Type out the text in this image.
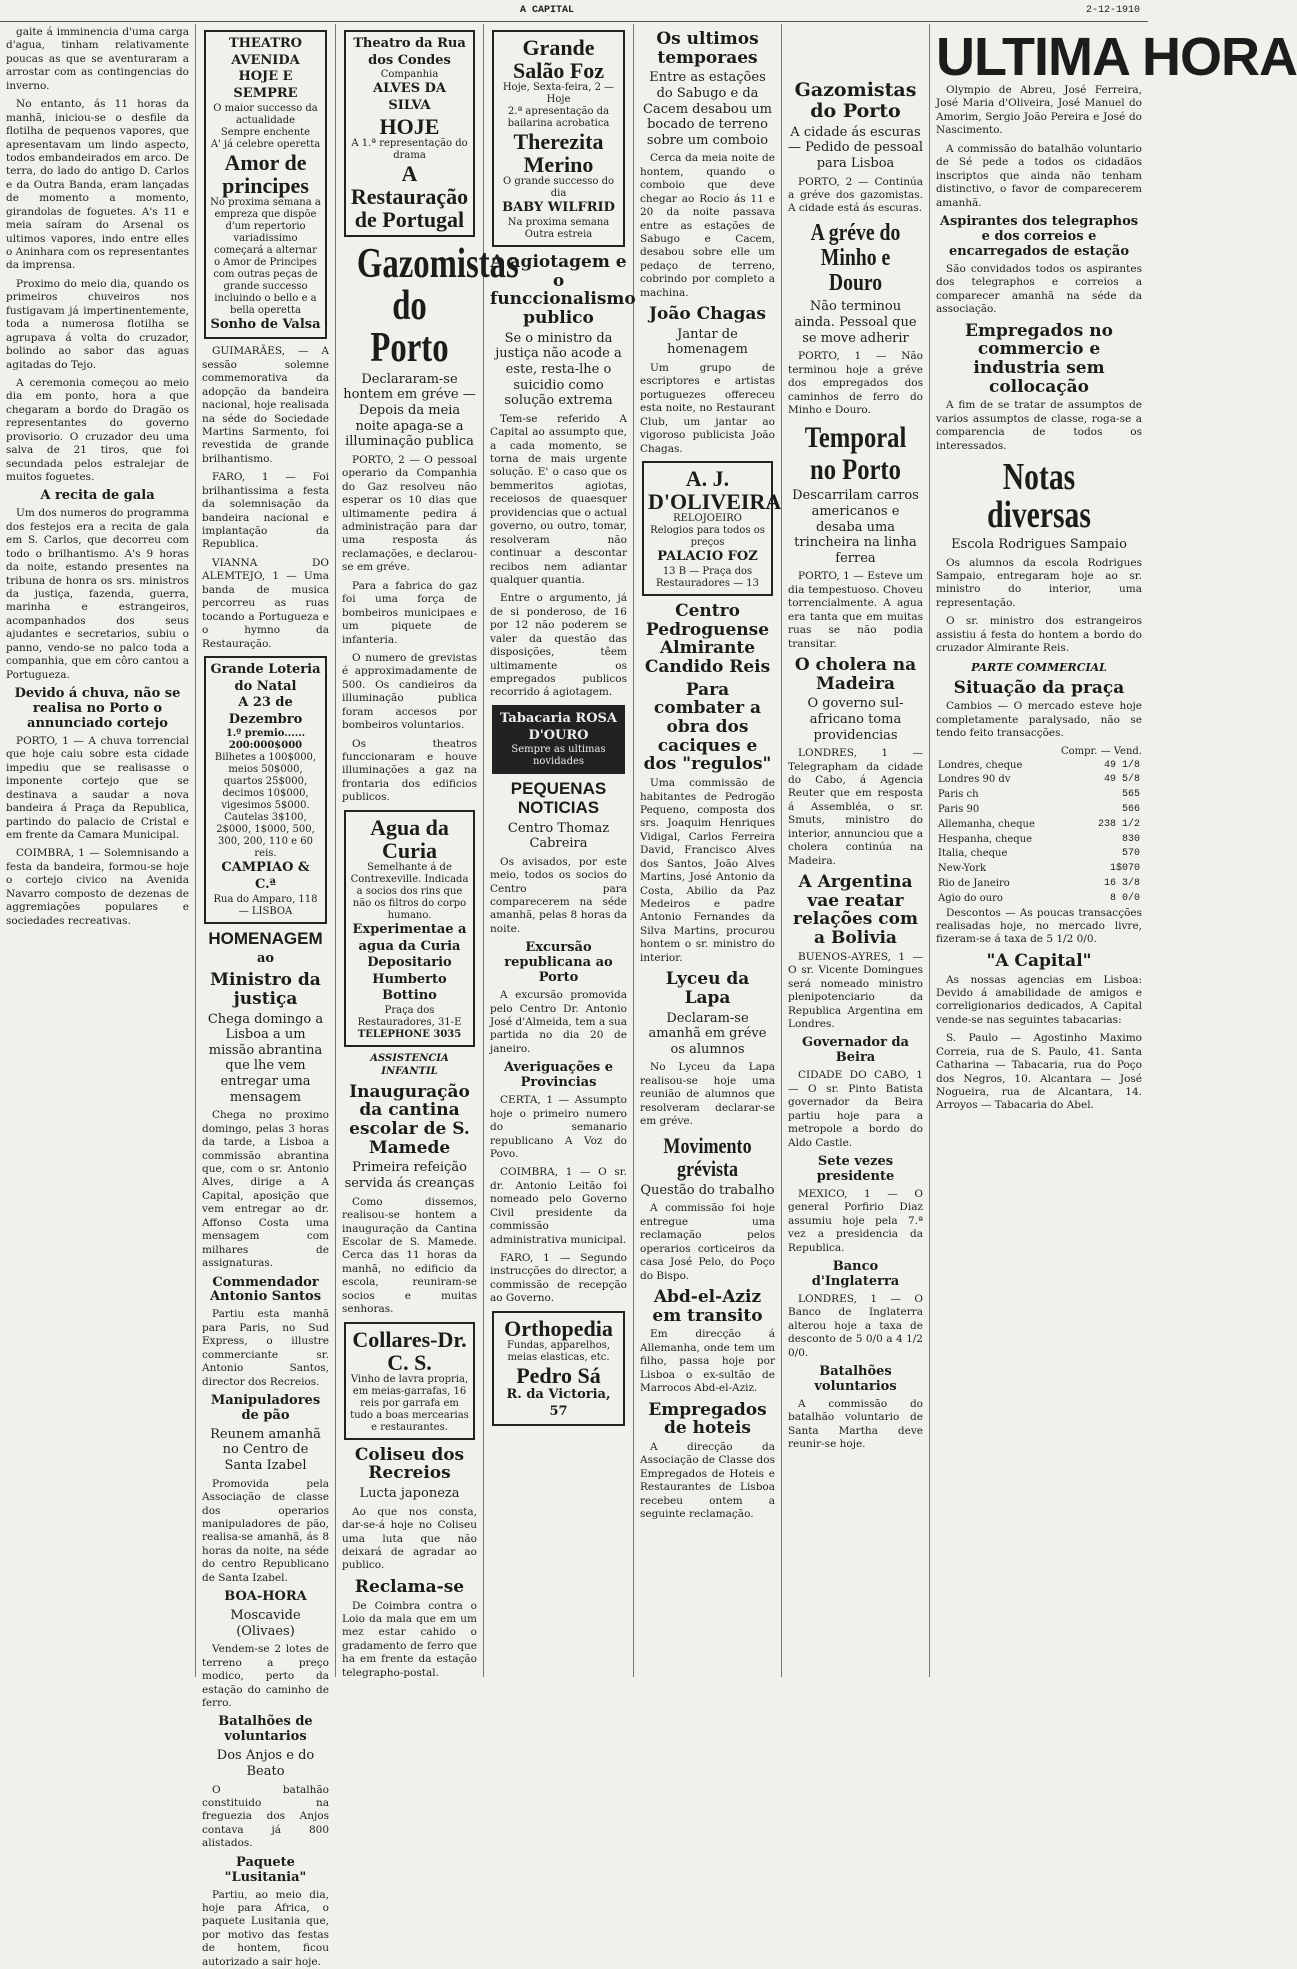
A CAPITAL	2-12-1910

gaite á imminencia d'uma carga d'agua, tinham relativamente poucas as que se aventuraram a arrostar com as contingencias do inverno.

No entanto, ás 11 horas da manhã, iniciou-se o desfile da flotilha de pequenos vapores, que apresentavam um lindo aspecto, todos embandeirados em arco. De terra, do lado do antigo D. Carlos e da Outra Banda, eram lançadas de momento a momento, girandolas de foguetes. A's 11 e meia saíram do Arsenal os ultimos vapores, indo entre elles o Aninhara com os representantes da imprensa.

Proximo do meio dia, quando os primeiros chuveiros nos fustigavam já impertinentemente, toda a numerosa flotilha se agrupava á volta do cruzador, bolindo ao sabor das aguas agitadas do Tejo.

A ceremonia começou ao meio dia em ponto, hora a que chegaram a bordo do Dragão os representantes do governo provisorio. O cruzador deu uma salva de 21 tiros, que foi secundada pelos estralejar de muitos foguetes.

A recita de gala

Um dos numeros do programma dos festejos era a recita de gala em S. Carlos, que decorreu com todo o brilhantismo. A's 9 horas da noite, estando presentes na tribuna de honra os srs. ministros da justiça, fazenda, guerra, marinha e estrangeiros, acompanhados dos seus ajudantes e secretarios, subiu o panno, vendo-se no palco toda a companhia, que em côro cantou a Portugueza.

Devido á chuva, não se realisa no Porto o annunciado cortejo

PORTO, 1 — A chuva torrencial que hoje caiu sobre esta cidade impediu que se realisasse o imponente cortejo que se destinava a saudar a nova bandeira á Praça da Republica, partindo do palacio de Cristal e em frente da Camara Municipal.

COIMBRA, 1 — Solemnisando a festa da bandeira, formou-se hoje o cortejo civico na Avenida Navarro composto de dezenas de aggremiações populares e sociedades recreativas.

THEATRO AVENIDA
HOJE E SEMPRE
O maior successo da actualidade
Sempre enchente
A' já celebre operetta
Amor de principes
No proxima semana a empreza que dispõe d'um repertorio variadissimo começará a alternar o Amor de Principes com outras peças de grande successo incluindo o bello e a bella operetta
Sonho de Valsa

GUIMARÃES, — A sessão solemne commemorativa da adopção da bandeira nacional, hoje realisada na séde do Sociedade Martins Sarmento, foi revestida de grande brilhantismo.

FARO, 1 — Foi brilhantissima a festa da solemnisação da bandeira nacional e implantação da Republica.

VIANNA DO ALEMTEJO, 1 — Uma banda de musica percorreu as ruas tocando a Portugueza e o hymno da Restauração.

Grande Loteria do Natal
A 23 de Dezembro
1.º premio...... 200:000$000
Bilhetes a 100$000, meios 50$000, quartos 25$000, decimos 10$000, vigesimos 5$000. Cautelas 3$100, 2$000, 1$000, 500, 300, 200, 110 e 60 reis.
CAMPIAO & C.ª
Rua do Amparo, 118 — LISBOA
HOMENAGEM
ao
Ministro da justiça
Chega domingo a Lisboa a um missão abrantina que lhe vem entregar uma mensagem

Chega no proximo domingo, pelas 3 horas da tarde, a Lisboa a commissão abrantina que, com o sr. Antonio Alves, dirige a A Capital, aposição que vem entregar ao dr. Affonso Costa uma mensagem com milhares de assignaturas.

Commendador Antonio Santos

Partiu esta manhã para Paris, no Sud Express, o illustre commerciante sr. Antonio Santos, director dos Recreios.

Manipuladores de pão
Reunem amanhã no Centro de Santa Izabel

Promovida pela Associação de classe dos operarios manipuladores de pão, realisa-se amanhã, ás 8 horas da noite, na séde do centro Republicano de Santa Izabel.

BOA-HORA
Moscavide (Olivaes)

Vendem-se 2 lotes de terreno a preço modico, perto da estação do caminho de ferro.

Batalhões de voluntarios
Dos Anjos e do Beato

O batalhão constituido na freguezia dos Anjos contava já 800 alistados.

Paquete "Lusitania"

Partiu, ao meio dia, hoje para Africa, o paquete Lusitania que, por motivo das festas de hontem, ficou autorizado a sair hoje.

Theatro da Rua dos Condes
Companhia
ALVES DA SILVA
HOJE
A 1.ª representação do drama
A Restauração de Portugal
Gazomistas do Porto
Declararam-se hontem em gréve — Depois da meia noite apaga-se a illuminação publica

PORTO, 2 — O pessoal operario da Companhia do Gaz resolveu não esperar os 10 dias que ultimamente pedira á administração para dar uma resposta ás reclamações, e declarou-se em gréve.

Para a fabrica do gaz foi uma força de bombeiros municipaes e um piquete de infanteria.

O numero de grevistas é approximadamente de 500. Os candieiros da illuminação publica foram accesos por bombeiros voluntarios.

Os theatros funccionaram e houve illuminações a gaz na frontaria dos edificios publicos.

Agua da Curia
Semelhante á de Contrexeville. Indicada a socios dos rins que não os filtros do corpo humano.
Experimentae a agua da Curia
Depositario Humberto Bottino
Praça dos Restauradores, 31-E
TELEPHONE 3035
ASSISTENCIA INFANTIL
Inauguração da cantina escolar de S. Mamede
Primeira refeição servida ás creanças

Como dissemos, realisou-se hontem a inauguração da Cantina Escolar de S. Mamede. Cerca das 11 horas da manhã, no edificio da escola, reuniram-se socios e muitas senhoras.

Collares-Dr. C. S.
Vinho de lavra propria, em meias-garrafas, 16 reis por garrafa em tudo a boas mercearias e restaurantes.
Coliseu dos Recreios
Lucta japoneza

Ao que nos consta, dar-se-á hoje no Coliseu uma luta que não deixará de agradar ao publico.

Reclama-se

De Coimbra contra o Loio da mala que em um mez estar cahido o gradamento de ferro que ha em frente da estação telegrapho-postal.

Grande Salão Foz
Hoje, Sexta-feira, 2 — Hoje
2.ª apresentação da bailarina acrobatica
Therezita Merino
O grande successo do dia
BABY WILFRID
Na proxima semana Outra estreia
A agiotagem e o funccionalismo publico
Se o ministro da justiça não acode a este, resta-lhe o suicidio como solução extrema

Tem-se referido A Capital ao assumpto que, a cada momento, se torna de mais urgente solução. E' o caso que os bemmeritos agiotas, receiosos de quaesquer providencias que o actual governo, ou outro, tomar, resolveram não continuar a descontar recibos nem adiantar qualquer quantia.

Entre o argumento, já de si ponderoso, de 16 por 12 não poderem se valer da questão das disposições, têem ultimamente os empregados publicos recorrido á agiotagem.

Tabacaria ROSA D'OURO
Sempre as ultimas novidades
PEQUENAS NOTICIAS
Centro Thomaz Cabreira

Os avisados, por este meio, todos os socios do Centro para comparecerem na séde amanhã, pelas 8 horas da noite.

Excursão republicana ao Porto

A excursão promovida pelo Centro Dr. Antonio José d'Almeida, tem a sua partida no dia 20 de janeiro.

Averiguações e Provincias

CERTA, 1 — Assumpto hoje o primeiro numero do semanario republicano A Voz do Povo.

COIMBRA, 1 — O sr. dr. Antonio Leitão foi nomeado pelo Governo Civil presidente da commissão administrativa municipal.

FARO, 1 — Segundo instrucções do director, a commissão de recepção ao Governo.

Orthopedia
Fundas, apparelhos, meias elasticas, etc.
Pedro Sá
R. da Victoria, 57
Os ultimos temporaes
Entre as estações do Sabugo e da Cacem desabou um bocado de terreno sobre um comboio

Cerca da meia noite de hontem, quando o comboio que deve chegar ao Rocio ás 11 e 20 da noite passava entre as estações de Sabugo e Cacem, desabou sobre elle um pedaço de terreno, cobrindo por completo a machina.

João Chagas
Jantar de homenagem

Um grupo de escriptores e artistas portuguezes offereceu esta noite, no Restaurant Club, um jantar ao vigoroso publicista João Chagas.

A. J. D'OLIVEIRA
RELOJOEIRO
Relogios para todos os preços
PALACIO FOZ
13 B — Praça dos Restauradores — 13
Centro Pedroguense Almirante Candido Reis
Para combater a obra dos caciques e dos "regulos"

Uma commissão de habitantes de Pedrogão Pequeno, composta dos srs. Joaquim Henriques Vidigal, Carlos Ferreira David, Francisco Alves dos Santos, João Alves Martins, José Antonio da Costa, Abilio da Paz Medeiros e padre Antonio Fernandes da Silva Martins, procurou hontem o sr. ministro do interior.

Lyceu da Lapa
Declaram-se amanhã em gréve os alumnos

No Lyceu da Lapa realisou-se hoje uma reunião de alumnos que resolveram declarar-se em gréve.

Movimento grévista
Questão do trabalho

A commissão foi hoje entregue uma reclamação pelos operarios corticeiros da casa José Pelo, do Poço do Bispo.

Abd-el-Aziz em transito

Em direcção á Allemanha, onde tem um filho, passa hoje por Lisboa o ex-sultão de Marrocos Abd-el-Aziz.

Empregados de hoteis

A direcção da Associação de Classe dos Empregados de Hoteis e Restaurantes de Lisboa recebeu ontem a seguinte reclamação.

Gazomistas do Porto
A cidade ás escuras — Pedido de pessoal para Lisboa

PORTO, 2 — Continúa a gréve dos gazomistas. A cidade está ás escuras.

A gréve do Minho e Douro
Não terminou ainda. Pessoal que se move adherir

PORTO, 1 — Não terminou hoje a gréve dos empregados dos caminhos de ferro do Minho e Douro.

Temporal no Porto
Descarrilam carros americanos e desaba uma trincheira na linha ferrea

PORTO, 1 — Esteve um dia tempestuoso. Choveu torrencialmente. A agua era tanta que em muitas ruas se não podia transitar.

O cholera na Madeira
O governo sul-africano toma providencias

LONDRES, 1 — Telegrapham da cidade do Cabo, á Agencia Reuter que em resposta á Assembléa, o sr. Smuts, ministro do interior, annunciou que a cholera continúa na Madeira.

A Argentina vae reatar relações com a Bolivia

BUENOS-AYRES, 1 — O sr. Vicente Domingues será nomeado ministro plenipotenciario da Republica Argentina em Londres.

Governador da Beira

CIDADE DO CABO, 1 — O sr. Pinto Batista governador da Beira partiu hoje para a metropole a bordo do Aldo Castle.

Sete vezes presidente

MEXICO, 1 — O general Porfirio Diaz assumiu hoje pela 7.ª vez a presidencia da Republica.

Banco d'Inglaterra

LONDRES, 1 — O Banco de Inglaterra alterou hoje a taxa de desconto de 5 0/0 a 4 1/2 0/0.

Batalhões voluntarios

A commissão do batalhão voluntario de Santa Martha deve reunir-se hoje.

ULTIMA HORA

Olympio de Abreu, José Ferreira, José Maria d'Oliveira, José Manuel do Amorim, Sergio João Pereira e José do Nascimento.

A commissão do batalhão voluntario de Sé pede a todos os cidadãos inscriptos que ainda não tenham distinctivo, o favor de comparecerem amanhã.

Aspirantes dos telegraphos e dos correios e encarregados de estação

São convidados todos os aspirantes dos telegraphos e correios a comparecer amanhã na séde da associação.

Empregados no commercio e industria sem collocação

A fim de se tratar de assumptos de varios assumptos de classe, roga-se a comparencia de todos os interessados.

Notas diversas
Escola Rodrigues Sampaio

Os alumnos da escola Rodrigues Sampaio, entregaram hoje ao sr. ministro do interior, uma representação.

O sr. ministro dos estrangeiros assistiu á festa do hontem a bordo do cruzador Almirante Reis.

PARTE COMMERCIAL
Situação da praça

Cambios — O mercado esteve hoje completamente paralysado, não se tendo feito transacções.

Compr. — Vend.
Londres, cheque	49 1/8
Londres 90 dv	49 5/8
Paris ch	565
Paris 90	566
Allemanha, cheque	238 1/2
Hespanha, cheque	830
Italia, cheque	570
New-York	1$070
Rio de Janeiro	16 3/8
Agio do ouro	8 0/0

Descontos — As poucas transacções realisadas hoje, no mercado livre, fizeram-se á taxa de 5 1/2 0/0.

"A Capital"

As nossas agencias em Lisboa: Devido á amabilidade de amigos e correligionarios dedicados, A Capital vende-se nas seguintes tabacarias:

S. Paulo — Agostinho Maximo Correia, rua de S. Paulo, 41. Santa Catharina — Tabacaria, rua do Poço dos Negros, 10. Alcantara — José Nogueira, rua de Alcantara, 14. Arroyos — Tabacaria do Abel.
